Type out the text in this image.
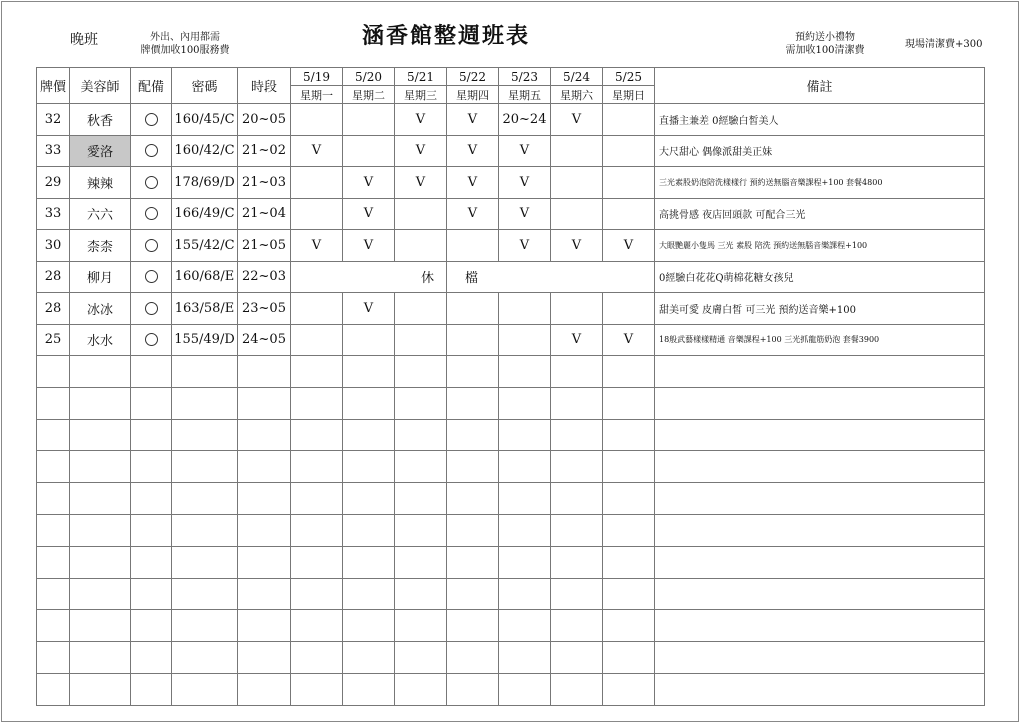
晚班	外出、內用都需
牌價加收100服務費
涵香館整週班表	預約送小禮物
需加收100清潔費
現場清潔費+300
牌價	美容師	配備	密碼	時段	5/19	5/20	5/21	5/22	5/23	5/24	5/25	備註
					星期一	星期二	星期三	星期四	星期五	星期六	星期日	
32	秋香		160/45/C	20~05			V	V	20~24	V		直播主兼差 0經驗白皙美人
33	愛洛		160/42/C	21~02	V		V	V	V			大尺甜心 偶像派甜美正妹
29	辣辣		178/69/D	21~03		V	V	V	V			三光素股奶泡陪洗樣樣行 預約送無腦音樂課程+100 套餐4800
33	六六		166/49/C	21~04		V		V	V			高挑骨感 夜店回頭款 可配合三光
30	柰柰		155/42/C	21~05	V	V			V	V	V	大眼艷麗小隻馬 三光 素股 陪洗 預約送無腦音樂課程+100
28	柳月		160/68/E	22~03	休			檔				0經驗白花花Q萌棉花糖女孩兒
28	冰冰		163/58/E	23~05		V						甜美可愛 皮膚白皙 可三光 預約送音樂+100
25	水水		155/49/D	24~05						V	V	18般武藝樣樣精通 音樂課程+100 三光抓龍筋奶泡 套餐3900
